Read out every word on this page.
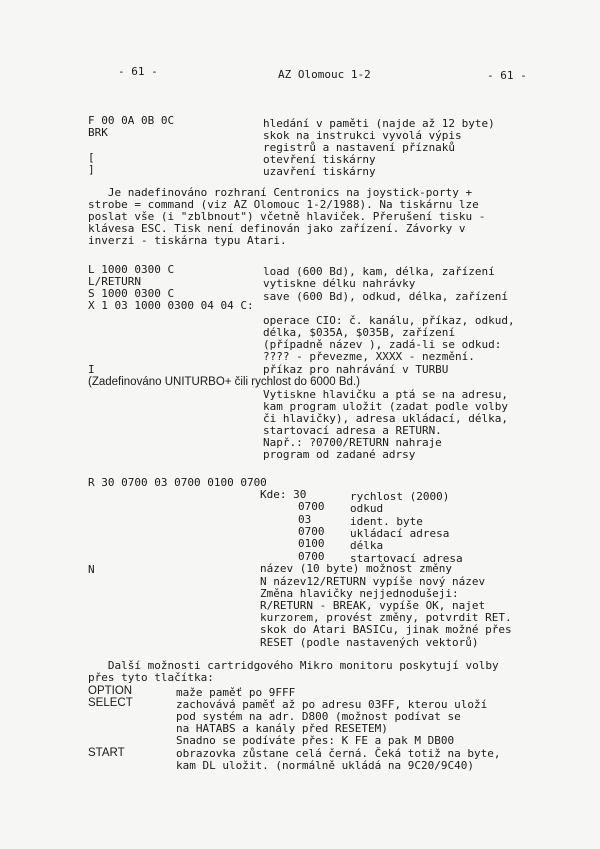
- 61 -	AZ Olomouc 1-2	- 61 -
F 00 0A 0B 0C	hledání v paměti (najde až 12 byte)
BRK	skok na instrukci vyvolá výpis
registrů a nastavení příznaků
[	otevření tiskárny
]	uzavření tiskárny
Je nadefinováno rozhraní Centronics na joystick-porty +
strobe = command (viz AZ Olomouc 1-2/1988). Na tiskárnu lze
poslat vše (i "zblbnout") včetně hlaviček. Přerušení tisku -
klávesa ESC. Tisk není definován jako zařízení. Závorky v
inverzi - tiskárna typu Atari.
L 1000 0300 C	load (600 Bd), kam, délka, zařízení
L/RETURN	vytiskne délku nahrávky
S 1000 0300 C	save (600 Bd), odkud, délka, zařízení
X 1 03 1000 0300 04 04 C:
operace CIO: č. kanálu, příkaz, odkud,
délka, $035A, $035B, zařízení
(případně název ), zadá-li se odkud:
???? - převezme, XXXX - nezmění.
I	příkaz pro nahrávání v TURBU
(Zadefinováno UNITURBO+ čili rychlost do 6000 Bd.)
Vytiskne hlavičku a ptá se na adresu,
kam program uložit (zadat podle volby
či hlavičky), adresa ukládací, délka,
startovací adresa a RETURN.
Např.: ?0700/RETURN nahraje
program od zadané adrsy
R 30 0700 03 0700 0100 0700
Kde: 30	rychlost (2000)
0700 odkud
03	ident. byte
0700 ukládací adresa
0100 délka
0700 startovací adresa
N	název (10 byte) možnost změny
N název12/RETURN vypíše nový název
Změna hlavičky nejjednodušeji:
R/RETURN - BREAK, vypíše OK, najet
kurzorem, provést změny, potvrdit RET.
skok do Atari BASICu, jinak možné přes
RESET (podle nastavených vektorů)
Další možnosti cartridgového Mikro monitoru poskytují volby
přes tyto tlačítka:
OPTION	maže paměť po 9FFF
SELECT	zachovává paměť až po adresu 03FF, kterou uloží
pod systém na adr. D800 (možnost podívat se
na HATABS a kanály před RESETEM)
Snadno se podíváte přes: K FE a pak M DB00
START	obrazovka zůstane celá černá. Čeká totiž na byte,
kam DL uložit. (normálně ukládá na 9C20/9C40)
